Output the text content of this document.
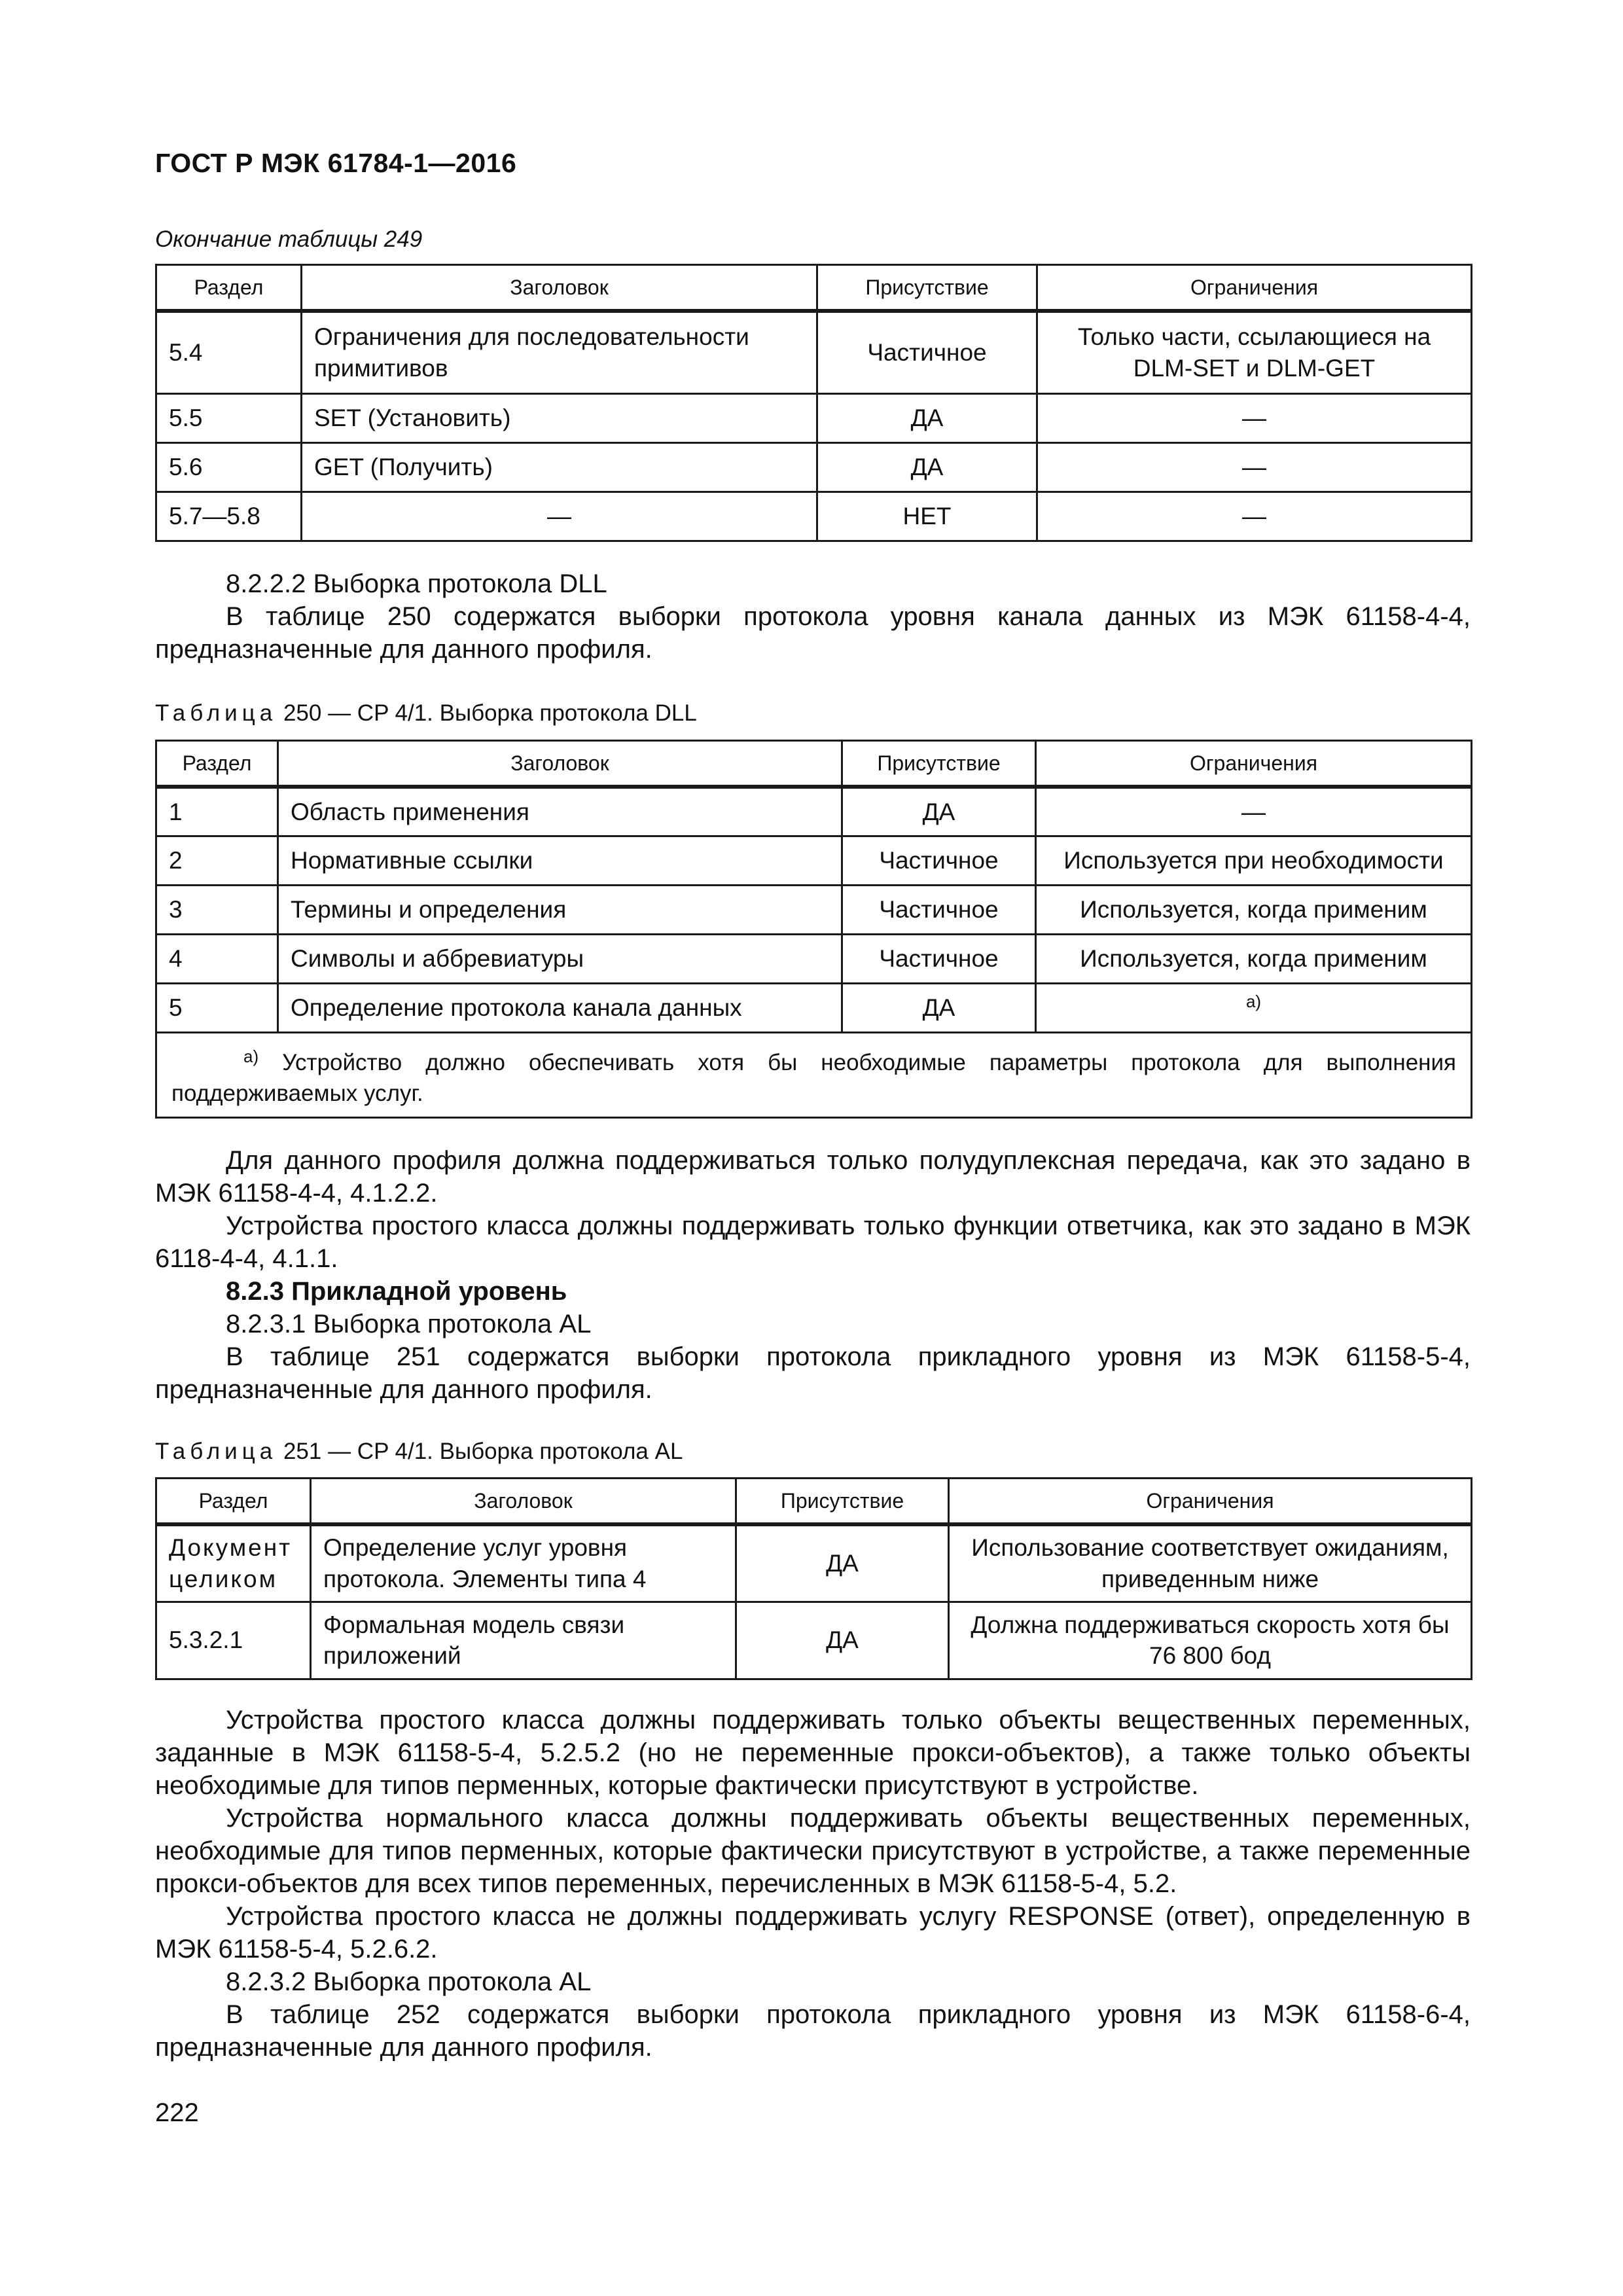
ГОСТ Р МЭК 61784-1—2016
Окончание таблицы 249
Раздел	Заголовок	Присутствие	Ограничения
5.4	Ограничения для последовательности примитивов	Частичное	Только части, ссылающиеся на DLM-SET и DLM-GET
5.5	SET (Установить)	ДА	—
5.6	GET (Получить)	ДА	—
5.7—5.8	—	НЕТ	—
8.2.2.2 Выборка протокола DLL
В таблице 250 содержатся выборки протокола уровня канала данных из МЭК 61158-4-4, предназначенные для данного профиля.
Таблица 250 — CP 4/1. Выборка протокола DLL
Раздел	Заголовок	Присутствие	Ограничения
1	Область применения	ДА	—
2	Нормативные ссылки	Частичное	Используется при необходимости
3	Термины и определения	Частичное	Используется, когда применим
4	Символы и аббревиатуры	Частичное	Используется, когда применим
5	Определение протокола канала данных	ДА	$^{a)}$
$^{a)}$ Устройство должно обеспечивать хотя бы необходимые параметры протокола для выполнения поддерживаемых услуг.			
Для данного профиля должна поддерживаться только полудуплексная передача, как это задано в МЭК 61158-4-4, 4.1.2.2.
Устройства простого класса должны поддерживать только функции ответчика, как это задано в МЭК 6118-4-4, 4.1.1.
8.2.3 Прикладной уровень
8.2.3.1 Выборка протокола AL
В таблице 251 содержатся выборки протокола прикладного уровня из МЭК 61158-5-4, предназначенные для данного профиля.
Таблица 251 — CP 4/1. Выборка протокола AL
Раздел	Заголовок	Присутствие	Ограничения
Документ целиком	Определение услуг уровня протокола. Элементы типа 4	ДА	Использование соответствует ожиданиям, приведенным ниже
5.3.2.1	Формальная модель связи приложений	ДА	Должна поддерживаться скорость хотя бы 76 800 бод
Устройства простого класса должны поддерживать только объекты вещественных переменных, заданные в МЭК 61158-5-4, 5.2.5.2 (но не переменные прокси-объектов), а также только объекты необходимые для типов перменных, которые фактически присутствуют в устройстве.
Устройства нормального класса должны поддерживать объекты вещественных переменных, необходимые для типов перменных, которые фактически присутствуют в устройстве, а также переменные прокси-объектов для всех типов переменных, перечисленных в МЭК 61158-5-4, 5.2.
Устройства простого класса не должны поддерживать услугу RESPONSE (ответ), определенную в МЭК 61158-5-4, 5.2.6.2.
8.2.3.2 Выборка протокола AL
В таблице 252 содержатся выборки протокола прикладного уровня из МЭК 61158-6-4, предназначенные для данного профиля.
222
